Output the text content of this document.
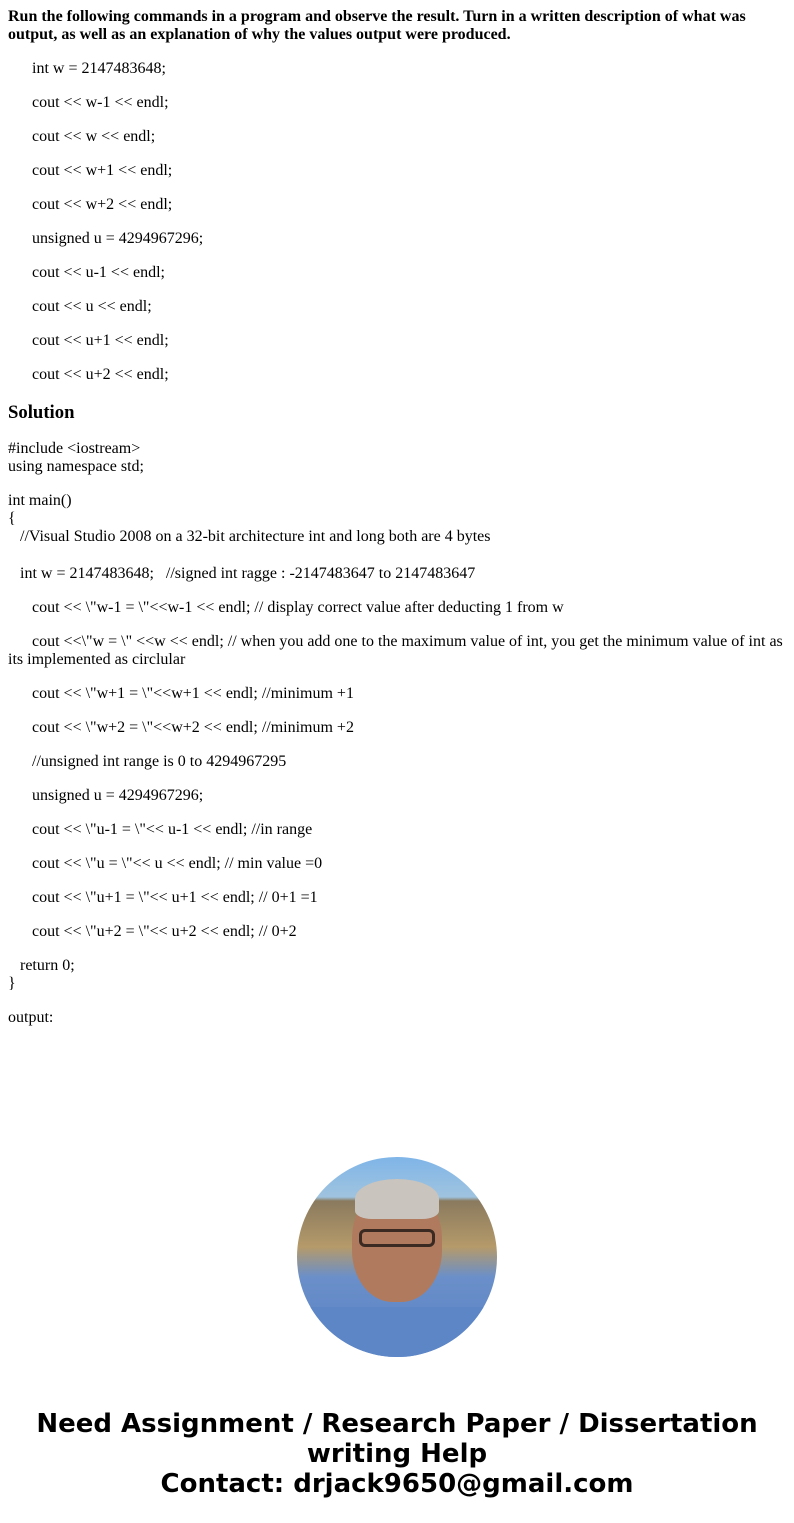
Run the following commands in a program and observe the result. Turn in a written description of what was output, as well as an explanation of why the values output were produced.

int w = 2147483648;

cout << w-1 << endl;

cout << w << endl;

cout << w+1 << endl;

cout << w+2 << endl;

unsigned u = 4294967296;

cout << u-1 << endl;

cout << u << endl;

cout << u+1 << endl;

cout << u+2 << endl;

Solution
#include <iostream>
using namespace std;
int main()
{
//Visual Studio 2008 on a 32-bit architecture int and long both are 4 bytes

int w = 2147483648;   //signed int ragge : -2147483647 to 2147483647

cout << \"w-1 = \"<<w-1 << endl; // display correct value after deducting 1 from w

cout <<\"w = \" <<w << endl; // when you add one to the maximum value of int, you get the minimum value of int as its implemented as circlular

cout << \"w+1 = \"<<w+1 << endl; //minimum +1

cout << \"w+2 = \"<<w+2 << endl; //minimum +2

//unsigned int range is 0 to 4294967295

unsigned u = 4294967296;

cout << \"u-1 = \"<< u-1 << endl; //in range

cout << \"u = \"<< u << endl; // min value =0

cout << \"u+1 = \"<< u+1 << endl; // 0+1 =1

cout << \"u+2 = \"<< u+2 << endl; // 0+2

return 0;
}

output:

Need Assignment / Research Paper / Dissertation
writing Help
Contact: drjack9650@gmail.com
